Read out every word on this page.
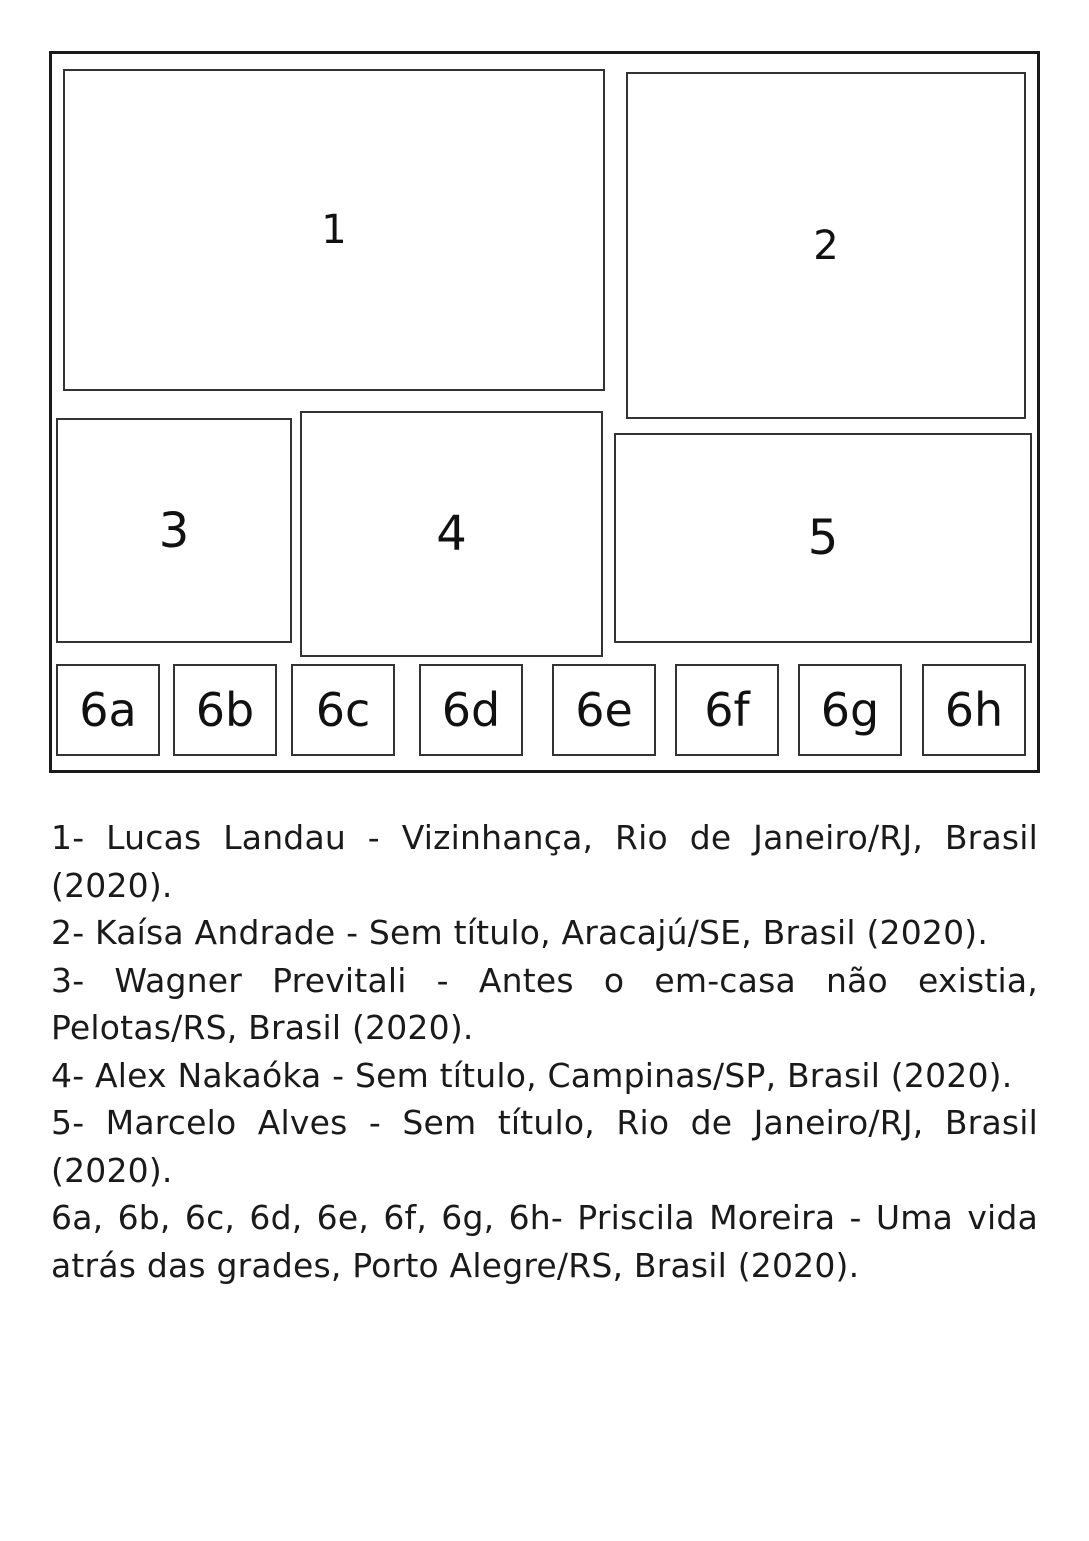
1	2
3	4	5
6a 6b 6c 6d 6e 6f 6g 6h

1- Lucas Landau - Vizinhança, Rio de Janeiro/RJ, Brasil (2020).

2- Kaísa Andrade - Sem título, Aracajú/SE, Brasil (2020).

3- Wagner Previtali - Antes o em-casa não existia, Pelotas/RS, Brasil (2020).

4- Alex Nakaóka - Sem título, Campinas/SP, Brasil (2020).

5- Marcelo Alves - Sem título, Rio de Janeiro/RJ, Brasil (2020).

6a, 6b, 6c, 6d, 6e, 6f, 6g, 6h- Priscila Moreira - Uma vida atrás das grades, Porto Alegre/RS, Brasil (2020).
